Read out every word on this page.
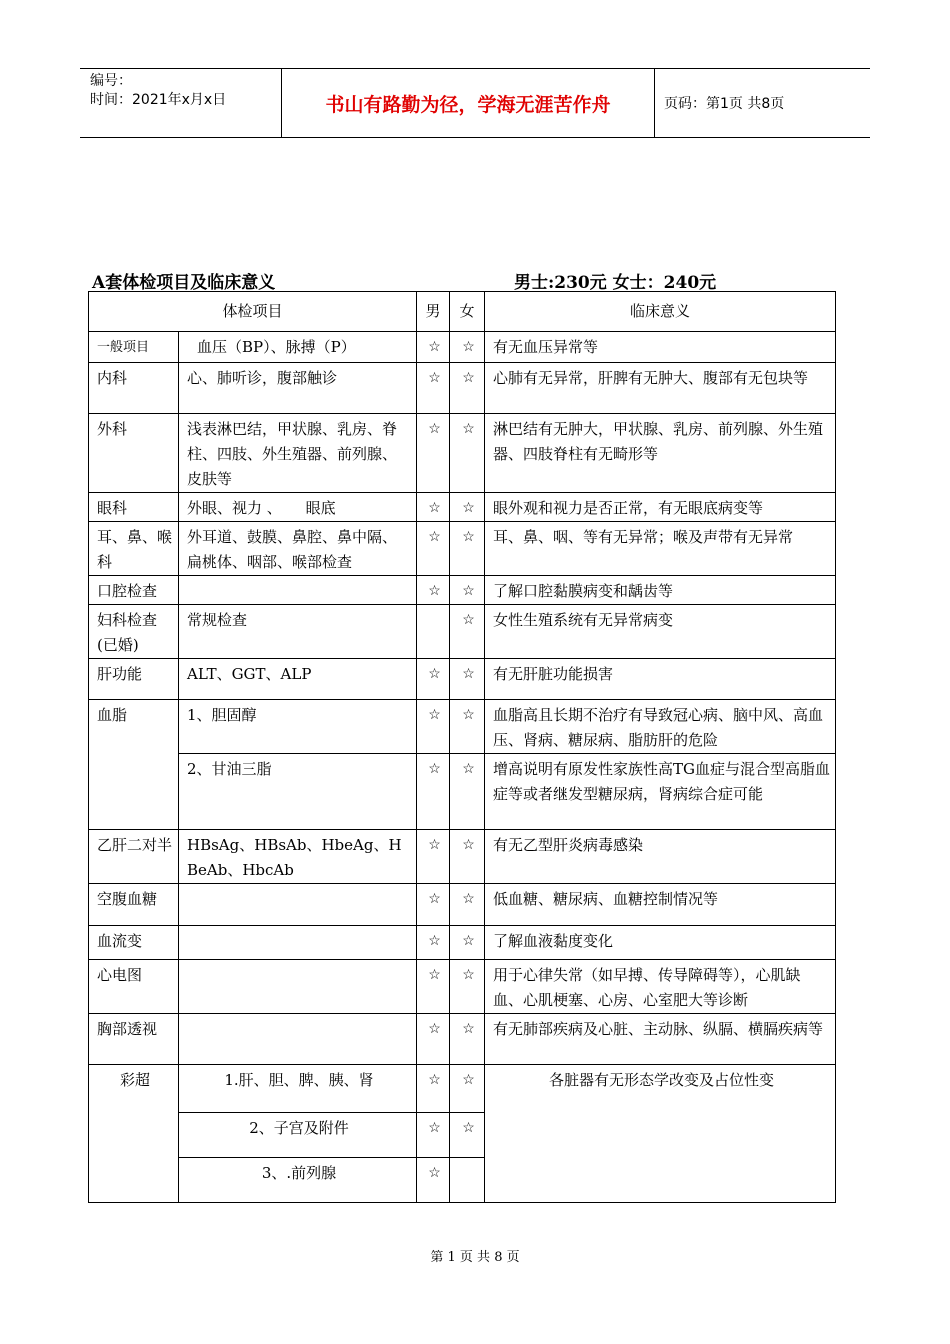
编号：
时间：2021年x月x日	书山有路勤为径，学海无涯苦作舟	页码：第1页 共8页
A套体检项目及临床意义	男士:230元 女士：240元
体检项目		男	女	临床意义
一般项目	血压（BP）、脉搏（P）	☆	☆	有无血压异常等
内科	心、肺听诊，腹部触诊	☆	☆	心肺有无异常，肝脾有无肿大、腹部有无包块等
外科	浅表淋巴结，甲状腺、乳房、脊柱、四肢、外生殖器、前列腺、皮肤等	☆	☆	淋巴结有无肿大，甲状腺、乳房、前列腺、外生殖器、四肢脊柱有无畸形等
眼科	外眼、视力 、     眼底	☆	☆	眼外观和视力是否正常，有无眼底病变等
耳、鼻、喉科	外耳道、鼓膜、鼻腔、鼻中隔、扁桃体、咽部、喉部检查	☆	☆	耳、鼻、咽、等有无异常；喉及声带有无异常
口腔检查		☆	☆	了解口腔黏膜病变和龋齿等
妇科检查(已婚)	常规检查		☆	女性生殖系统有无异常病变
肝功能	ALT、GGT、ALP	☆	☆	有无肝脏功能损害
血脂	1、胆固醇	☆	☆	血脂高且长期不治疗有导致冠心病、脑中风、高血压、肾病、糖尿病、脂肪肝的危险
	2、甘油三脂	☆	☆	增高说明有原发性家族性高TG血症与混合型高脂血症等或者继发型糖尿病，肾病综合症可能
乙肝二对半	HBsAg、HBsAb、HbeAg、HBeAb、HbcAb	☆	☆	有无乙型肝炎病毒感染
空腹血糖		☆	☆	低血糖、糖尿病、血糖控制情况等
血流变		☆	☆	了解血液黏度变化
心电图		☆	☆	用于心律失常（如早搏、传导障碍等），心肌缺血、心肌梗塞、心房、心室肥大等诊断
胸部透视		☆	☆	有无肺部疾病及心脏、主动脉、纵膈、横膈疾病等
彩超	1.肝、胆、脾、胰、肾	☆	☆	各脏器有无形态学改变及占位性变
	2、子宫及附件	☆	☆	
	3、.前列腺	☆		
第 1 页 共 8 页
